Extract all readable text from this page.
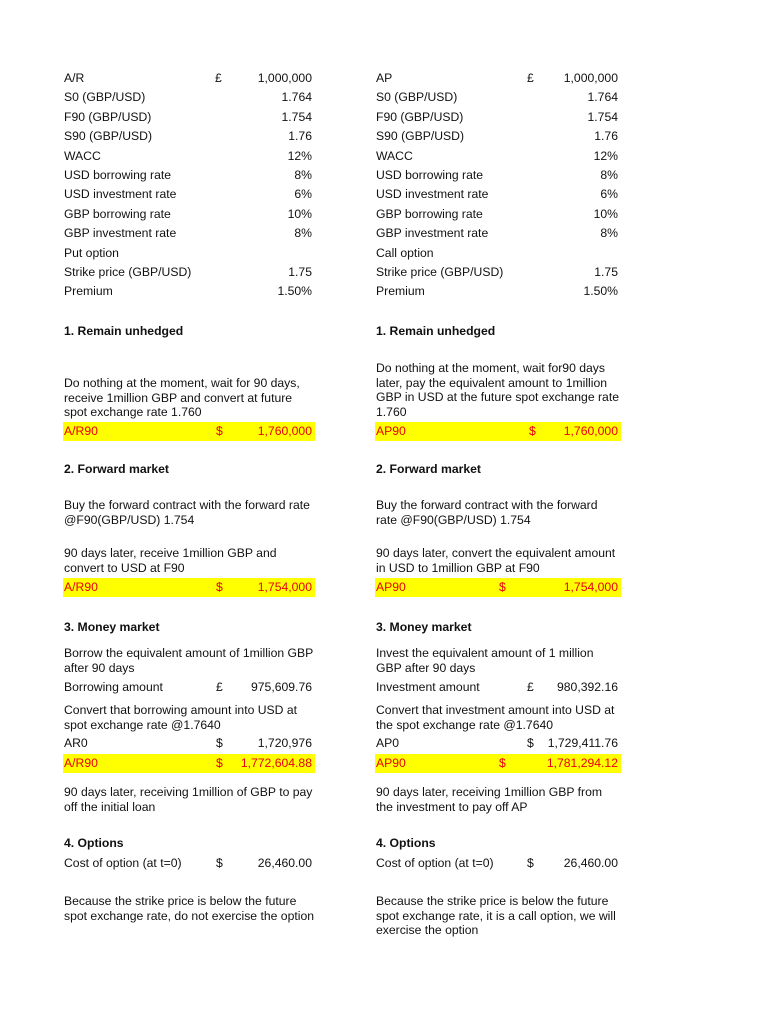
A/R	£	1,000,000
S0 (GBP/USD)	1.764
F90 (GBP/USD)	1.754
S90 (GBP/USD)	1.76
WACC	12%
USD borrowing rate	8%
USD investment rate	6%
GBP borrowing rate	10%
GBP investment rate	8%
Put option
Strike price (GBP/USD)	1.75
Premium	1.50%
1. Remain unhedged
Do nothing at the moment, wait for 90 days, receive 1million GBP and convert at future spot exchange rate 1.760
A/R90	$	1,760,000
2. Forward market
Buy the forward contract with the forward rate @F90(GBP/USD) 1.754
90 days later, receive 1million GBP and convert to USD at F90
A/R90	$	1,754,000
3. Money market
Borrow the equivalent amount of 1million GBP after 90 days
Borrowing amount	£ 975,609.76
Convert that borrowing amount into USD at spot exchange rate @1.7640
AR0	$	1,720,976
A/R90	$ 1,772,604.88
90 days later, receiving 1million of GBP to pay off the initial loan
4. Options
Cost of option (at t=0)	$	26,460.00
Because the strike price is below the future spot exchange rate, do not exercise the option
AP	£ 1,000,000
S0 (GBP/USD)	1.764
F90 (GBP/USD)	1.754
S90 (GBP/USD)	1.76
WACC	12%
USD borrowing rate	8%
USD investment rate	6%
GBP borrowing rate	10%
GBP investment rate	8%
Call option
Strike price (GBP/USD)	1.75
Premium	1.50%
1. Remain unhedged
Do nothing at the moment, wait for90 days later, pay the equivalent amount to 1million GBP in USD at the future spot exchange rate 1.760
AP90	$ 1,760,000
2. Forward market
Buy the forward contract with the forward rate @F90(GBP/USD) 1.754
90 days later, convert the equivalent amount in USD to 1million GBP at F90
AP90	$	1,754,000
3. Money market
Invest the equivalent amount of 1 million GBP after 90 days
Investment amount	£ 980,392.16
Convert that investment amount into USD at the spot exchange rate @1.7640
AP0	$ 1,729,411.76
AP90	$	1,781,294.12
90 days later, receiving 1million GBP from the investment to pay off AP
4. Options
Cost of option (at t=0)	$ 26,460.00
Because the strike price is below the future spot exchange rate, it is a call option, we will exercise the option
